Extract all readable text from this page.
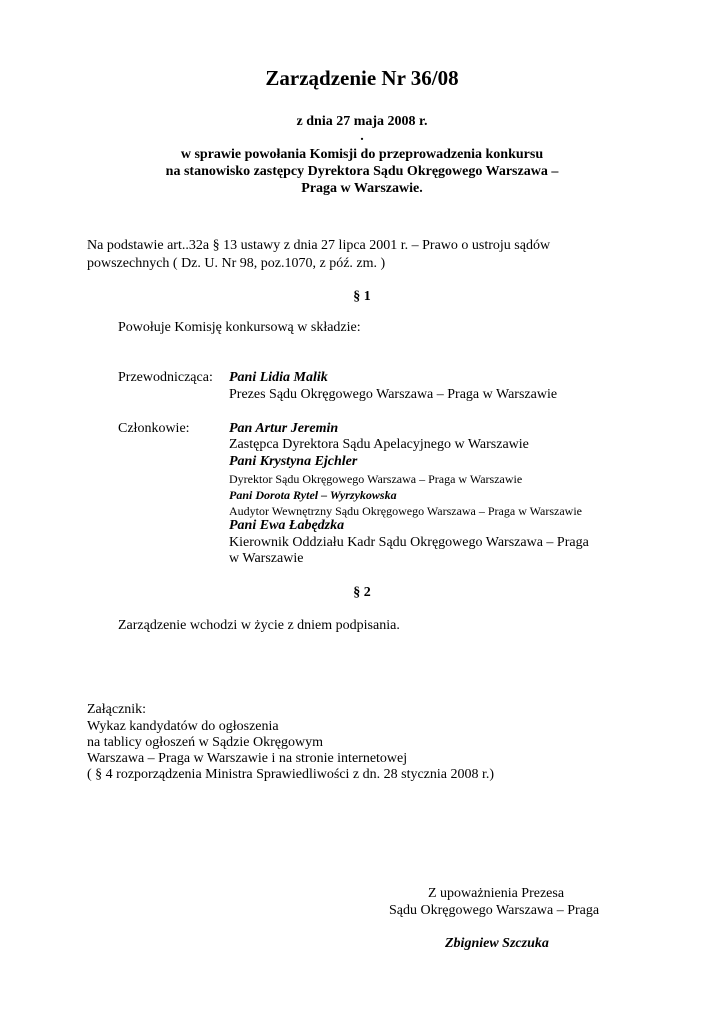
Zarządzenie Nr 36/08
z dnia 27 maja 2008 r.
.
w sprawie powołania Komisji do przeprowadzenia konkursu
na stanowisko zastępcy Dyrektora Sądu Okręgowego Warszawa –
Praga w Warszawie.
Na podstawie art..32a § 13 ustawy z dnia 27 lipca 2001 r. – Prawo o ustroju sądów
powszechnych ( Dz. U. Nr 98, poz.1070, z póź. zm. )
§ 1
Powołuje Komisję konkursową w składzie:
Przewodnicząca: Pani Lidia Malik
Prezes Sądu Okręgowego Warszawa – Praga w Warszawie
Członkowie:	Pan Artur Jeremin
Zastępca Dyrektora Sądu Apelacyjnego w Warszawie
Pani Krystyna Ejchler
Dyrektor Sądu Okręgowego Warszawa – Praga w Warszawie
Pani Dorota Rytel – Wyrzykowska
Audytor Wewnętrzny Sądu Okręgowego Warszawa – Praga w Warszawie
Pani Ewa Łabędzka
Kierownik Oddziału Kadr Sądu Okręgowego Warszawa – Praga
w Warszawie
§ 2
Zarządzenie wchodzi w życie z dniem podpisania.
Załącznik:
Wykaz kandydatów do ogłoszenia
na tablicy ogłoszeń w Sądzie Okręgowym
Warszawa – Praga w Warszawie i na stronie internetowej
( § 4 rozporządzenia Ministra Sprawiedliwości z dn. 28 stycznia 2008 r.)
Z upoważnienia Prezesa
Sądu Okręgowego Warszawa – Praga
Zbigniew Szczuka
